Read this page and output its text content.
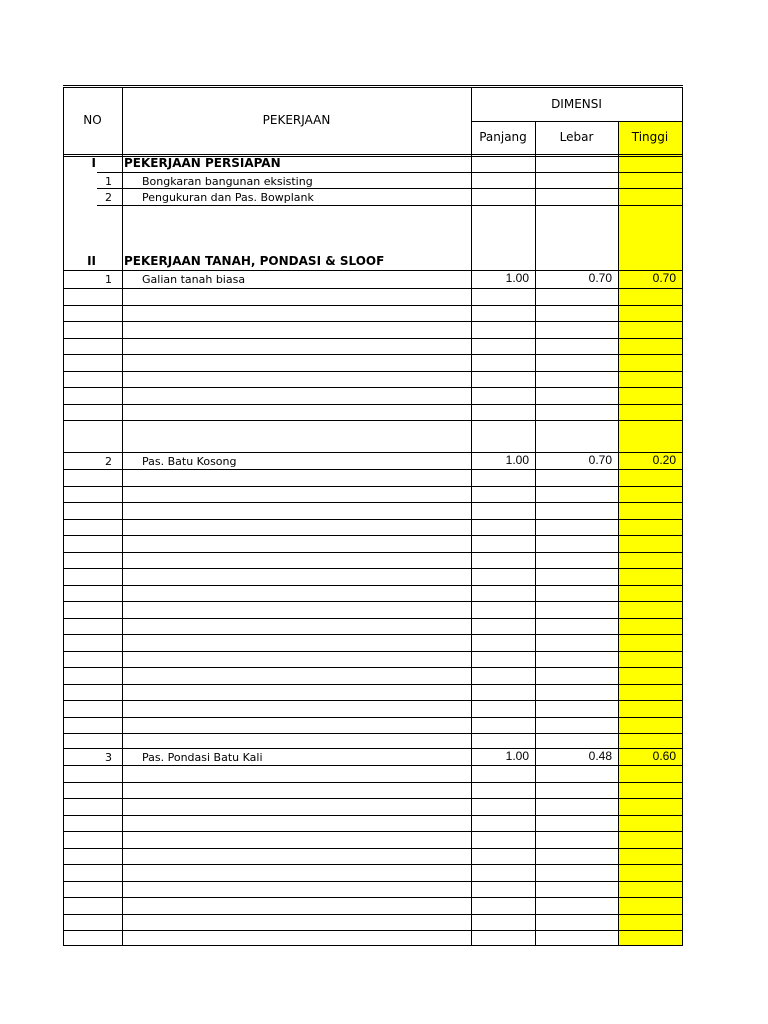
NO	PEKERJAAN
DIMENSI
Panjang	Lebar	Tinggi
I PEKERJAAN PERSIAPAN
1	Bongkaran bangunan eksisting
2	Pengukuran dan Pas. Bowplank
II PEKERJAAN TANAH, PONDASI & SLOOF
1	Galian tanah biasa	1.00	0.70	0.70
2	Pas. Batu Kosong	1.00	0.70	0.20
3	Pas. Pondasi Batu Kali	1.00	0.48	0.60
